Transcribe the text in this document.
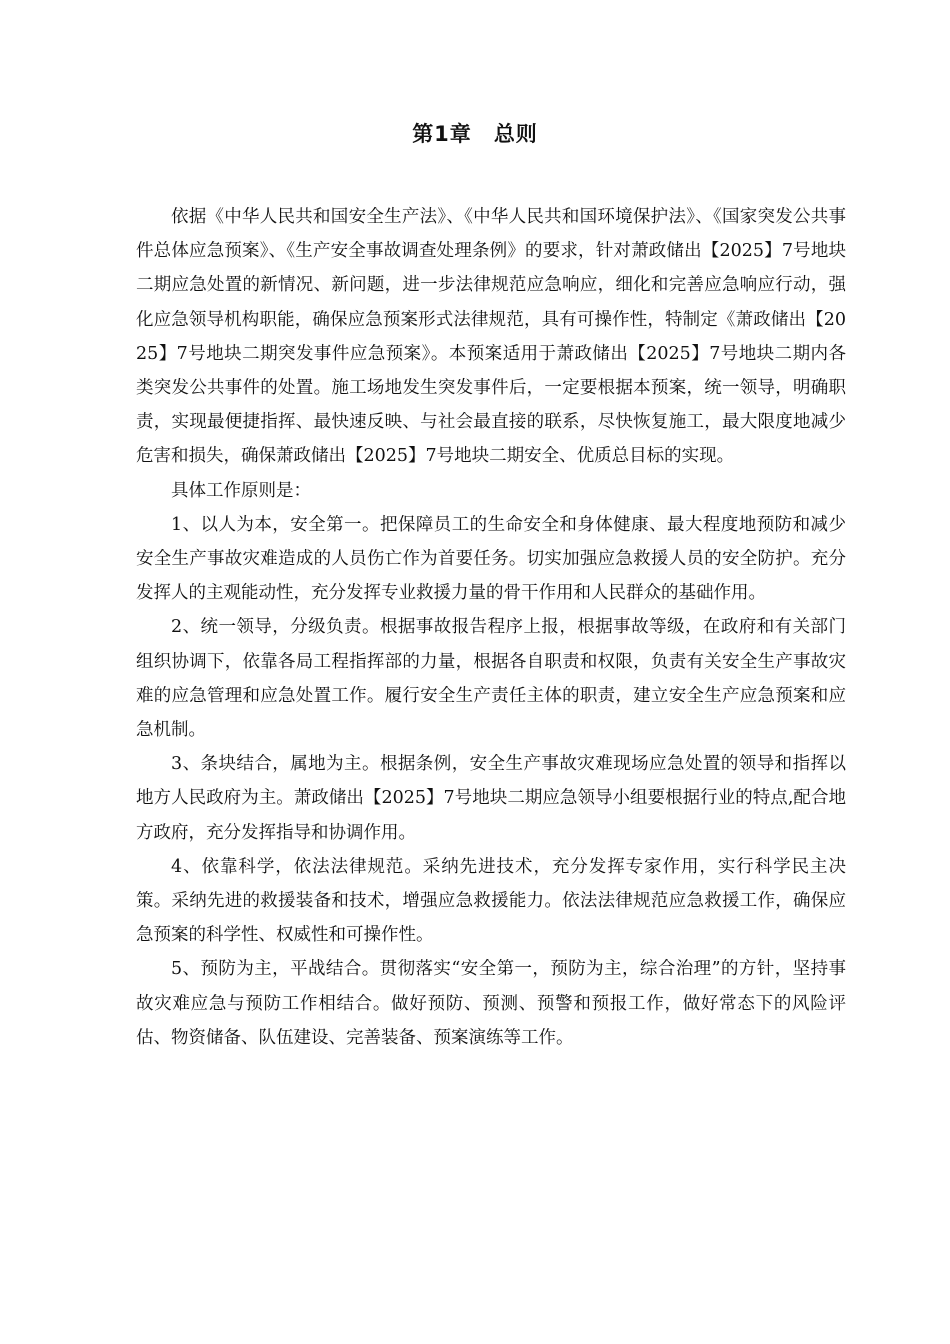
第1章 总则

依据《中华人民共和国安全生产法》、《中华人民共和国环境保护法》、《国家突发公共事件总体应急预案》、《生产安全事故调查处理条例》的要求，针对萧政储出【2025】7号地块二期应急处置的新情况、新问题，进一步法律规范应急响应，细化和完善应急响应行动，强化应急领导机构职能，确保应急预案形式法律规范，具有可操作性，特制定《萧政储出【2025】7号地块二期突发事件应急预案》。本预案适用于萧政储出【2025】7号地块二期内各类突发公共事件的处置。施工场地发生突发事件后，一定要根据本预案，统一领导，明确职责，实现最便捷指挥、最快速反映、与社会最直接的联系，尽快恢复施工，最大限度地减少危害和损失，确保萧政储出【2025】7号地块二期安全、优质总目标的实现。

具体工作原则是：

1、以人为本，安全第一。把保障员工的生命安全和身体健康、最大程度地预防和减少安全生产事故灾难造成的人员伤亡作为首要任务。切实加强应急救援人员的安全防护。充分发挥人的主观能动性，充分发挥专业救援力量的骨干作用和人民群众的基础作用。

2、统一领导，分级负责。根据事故报告程序上报，根据事故等级，在政府和有关部门组织协调下，依靠各局工程指挥部的力量，根据各自职责和权限，负责有关安全生产事故灾难的应急管理和应急处置工作。履行安全生产责任主体的职责，建立安全生产应急预案和应急机制。

3、条块结合，属地为主。根据条例，安全生产事故灾难现场应急处置的领导和指挥以地方人民政府为主。萧政储出【2025】7号地块二期应急领导小组要根据行业的特点,配合地方政府，充分发挥指导和协调作用。

4、依靠科学，依法法律规范。采纳先进技术，充分发挥专家作用，实行科学民主决策。采纳先进的救援装备和技术，增强应急救援能力。依法法律规范应急救援工作，确保应急预案的科学性、权威性和可操作性。

5、预防为主，平战结合。贯彻落实“安全第一，预防为主，综合治理”的方针，坚持事故灾难应急与预防工作相结合。做好预防、预测、预警和预报工作，做好常态下的风险评估、物资储备、队伍建设、完善装备、预案演练等工作。
